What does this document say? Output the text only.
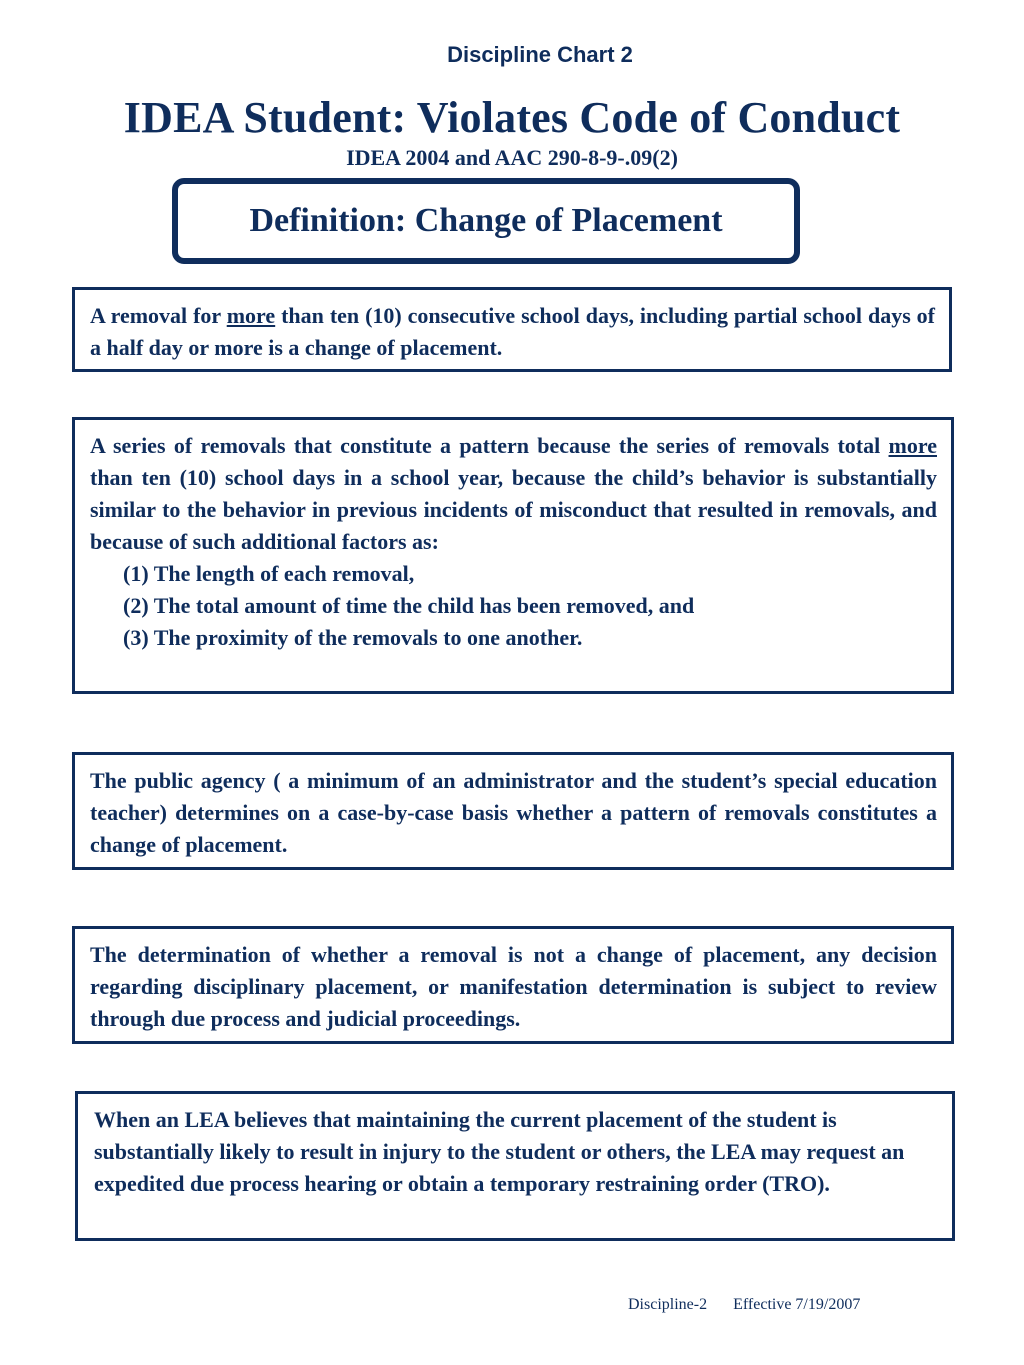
Discipline Chart 2
IDEA Student: Violates Code of Conduct
IDEA 2004 and AAC 290-8-9-.09(2)
Definition: Change of Placement

A removal for more than ten (10) consecutive school days, including partial school days of a half day or more is a change of placement.

A series of removals that constitute a pattern because the series of removals total more than ten (10) school days in a school year, because the child’s behavior is substantially similar to the behavior in previous incidents of misconduct that resulted in removals, and because of such additional factors as:

(1) The length of each removal,

(2) The total amount of time the child has been removed, and

(3) The proximity of the removals to one another.

The public agency ( a minimum of an administrator and the student’s special education teacher) determines on a case-by-case basis whether a pattern of removals constitutes a change of placement.

The determination of whether a removal is not a change of placement, any decision regarding disciplinary placement, or manifestation determination is subject to review through due process and judicial proceedings.

When an LEA believes that maintaining the current placement of the student is substantially likely to result in injury to the student or others, the LEA may request an expedited due process hearing or obtain a temporary restraining order (TRO).

Discipline-2 Effective 7/19/2007
